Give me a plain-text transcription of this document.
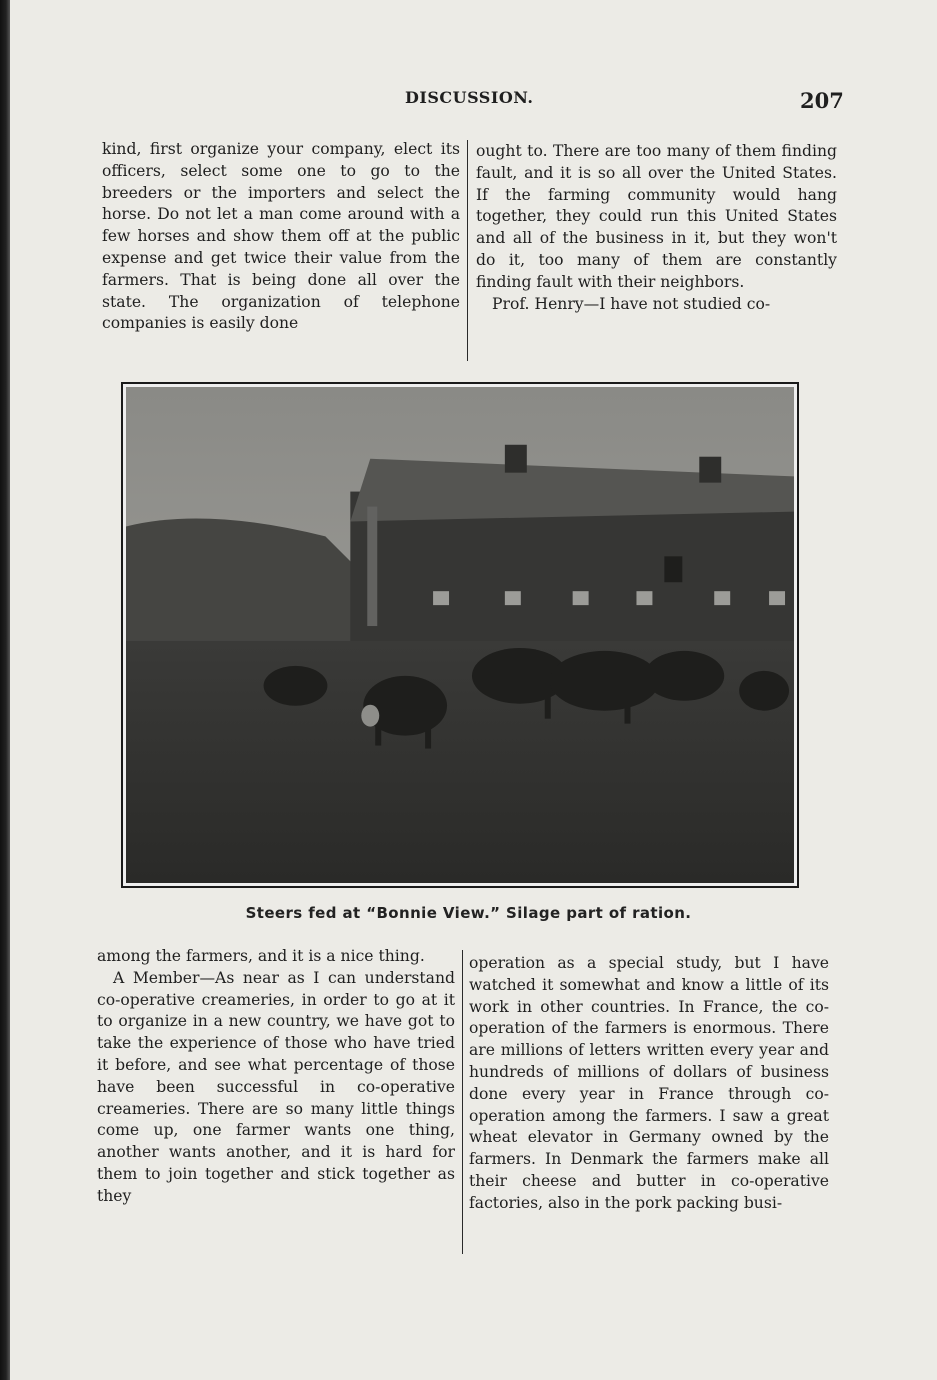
DISCUSSION.	207

kind, first organize your company, elect its officers, select some one to go to the breeders or the importers and select the horse. Do not let a man come around with a few horses and show them off at the public expense and get twice their value from the farmers. That is being done all over the state. The organization of telephone companies is easily done

ought to. There are too many of them finding fault, and it is so all over the United States. If the farming community would hang together, they could run this United States and all of the business in it, but they won't do it, too many of them are constantly finding fault with their neighbors.

Prof. Henry—I have not studied co-

Steers fed at “Bonnie View.” Silage part of ration.

among the farmers, and it is a nice thing.

A Member—As near as I can understand co-operative creameries, in order to go at it to organize in a new country, we have got to take the experience of those who have tried it before, and see what percentage of those have been successful in co-operative creameries. There are so many little things come up, one farmer wants one thing, another wants another, and it is hard for them to join together and stick together as they

operation as a special study, but I have watched it somewhat and know a little of its work in other countries. In France, the co-operation of the farmers is enormous. There are millions of letters written every year and hundreds of millions of dollars of business done every year in France through co-operation among the farmers. I saw a great wheat elevator in Germany owned by the farmers. In Denmark the farmers make all their cheese and butter in co-operative factories, also in the pork packing busi-
